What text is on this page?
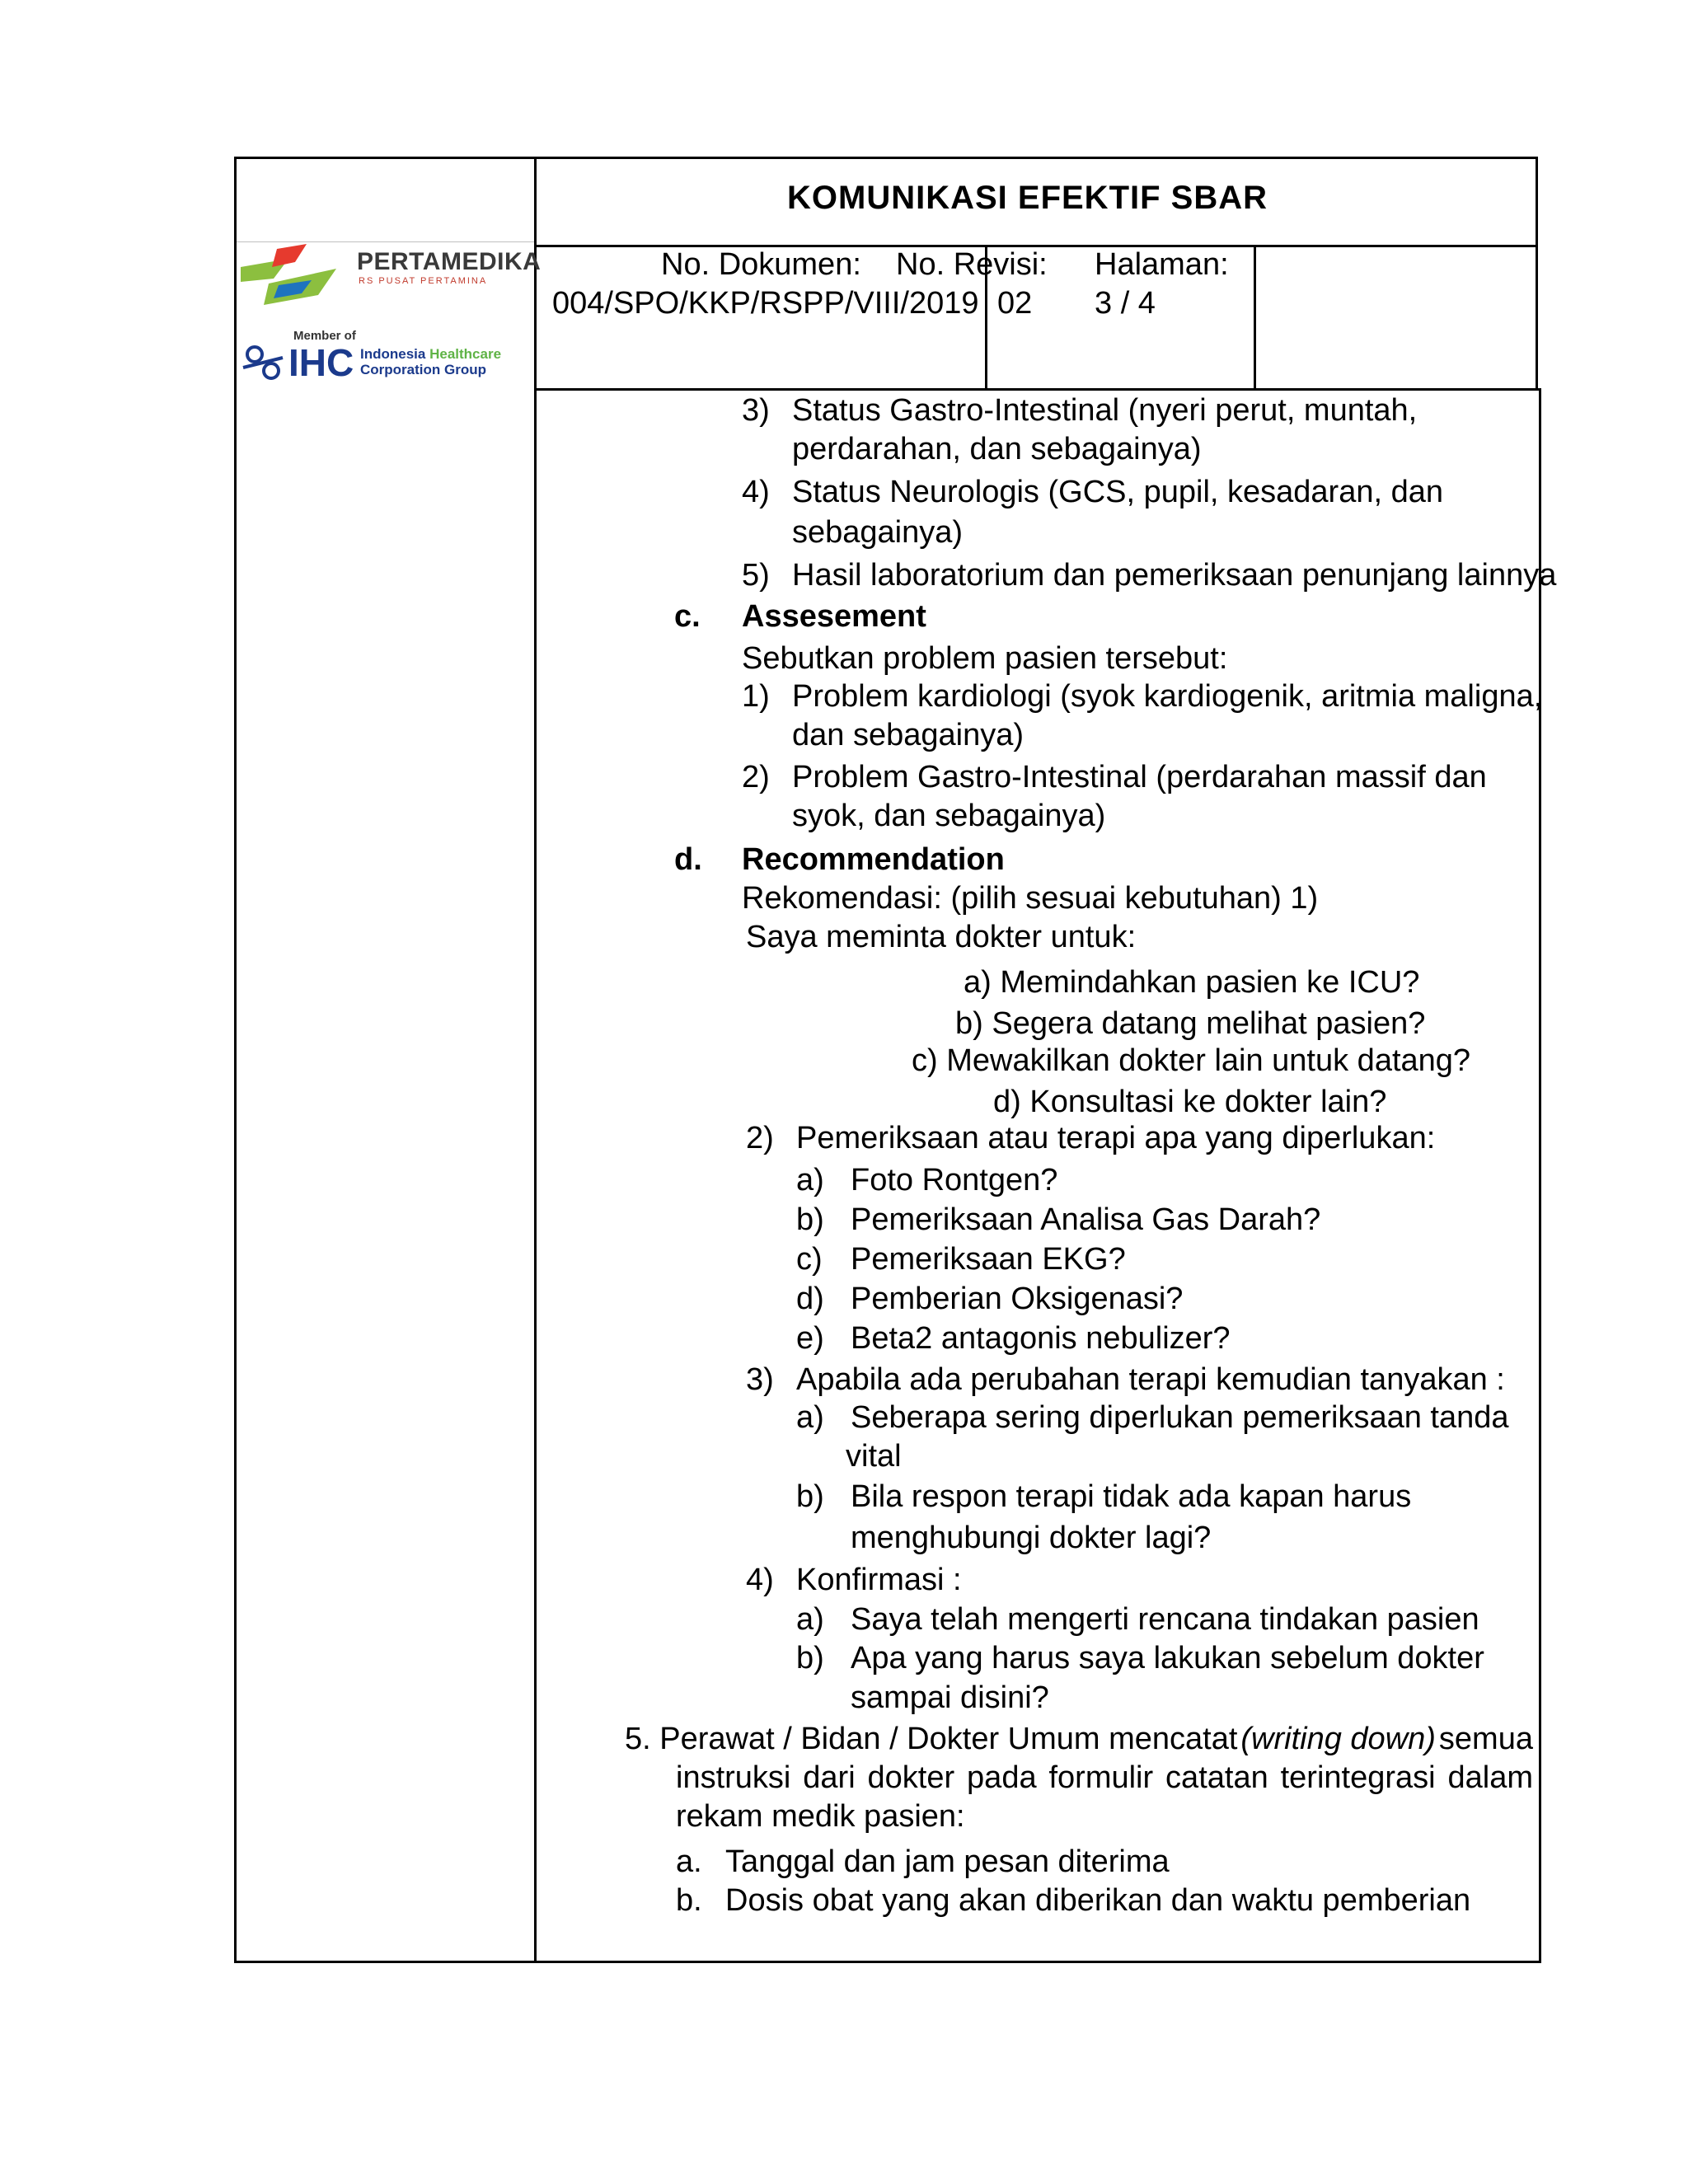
PERTAMEDIKA
RS PUSAT PERTAMINA
Member of
IHC Indonesia Healthcare
Corporation Group
KOMUNIKASI EFEKTIF SBAR
No. Dokumen: No. Revisi: Halaman:
004/SPO/KKP/RSPP/VIII/2019 02 3 / 4
3) Status Gastro-Intestinal (nyeri perut, muntah,
perdarahan, dan sebagainya)
4) Status Neurologis (GCS, pupil, kesadaran, dan
sebagainya)
5) Hasil laboratorium dan pemeriksaan penunjang lainnya
c. Assesement
Sebutkan problem pasien tersebut:
1) Problem kardiologi (syok kardiogenik, aritmia maligna,
dan sebagainya)
2) Problem Gastro-Intestinal (perdarahan massif dan
syok, dan sebagainya)
d. Recommendation
Rekomendasi: (pilih sesuai kebutuhan) 1)
Saya meminta dokter untuk:
a) Memindahkan pasien ke ICU?
b) Segera datang melihat pasien?
c) Mewakilkan dokter lain untuk datang?
d) Konsultasi ke dokter lain?
2) Pemeriksaan atau terapi apa yang diperlukan:
a) Foto Rontgen?
b) Pemeriksaan Analisa Gas Darah?
c) Pemeriksaan EKG?
d) Pemberian Oksigenasi?
e) Beta2 antagonis nebulizer?
3) Apabila ada perubahan terapi kemudian tanyakan :
a) Seberapa sering diperlukan pemeriksaan tanda
vital
b) Bila respon terapi tidak ada kapan harus
menghubungi dokter lagi?
4) Konfirmasi :
a) Saya telah mengerti rencana tindakan pasien
b) Apa yang harus saya lakukan sebelum dokter
sampai disini?
5. Perawat / Bidan / Dokter Umum mencatat (writing down) semua
instruksi dari dokter pada formulir catatan terintegrasi dalam
rekam medik pasien:
a. Tanggal dan jam pesan diterima
b. Dosis obat yang akan diberikan dan waktu pemberian
